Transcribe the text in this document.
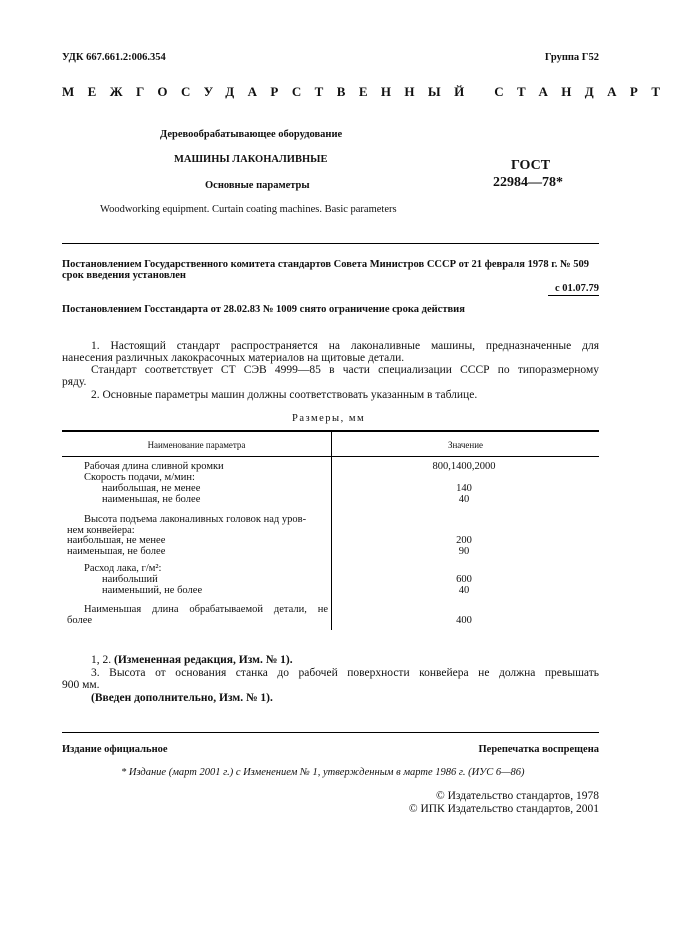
УДК 667.661.2:006.354	Группа Г52
МЕЖГОСУДАРСТВЕННЫЙ СТАНДАРТ
Деревообрабатывающее оборудование
МАШИНЫ ЛАКОНАЛИВНЫЕ
Основные параметры
Woodworking equipment. Curtain coating machines. Basic parameters
ГОСТ
22984—78*
Постановлением Государственного комитета стандартов Совета Министров СССР от 21 февраля 1978 г. № 509
срок введения установлен
с 01.07.79
Постановлением Госстандарта от 28.02.83 № 1009 снято ограничение срока действия
1. Настоящий стандарт распространяется на лаконаливные машины, предназначенные для
нанесения различных лакокрасочных материалов на щитовые детали.
Стандарт соответствует СТ СЭВ 4999—85 в части специализации СССР по типоразмерному
ряду.
2. Основные параметры машин должны соответствовать указанным в таблице.
Размеры, мм
Наименование параметра	Значение
Рабочая длина сливной кромки	800,1400,2000
Скорость подачи, м/мин:
наибольшая, не менее	140
наименьшая, не более	40
Высота подъема лаконаливных головок над уров-
нем конвейера:
наибольшая, не менее	200
наименьшая, не более	90
Расход лака, г/м²:
наибольший	600
наименьший, не более	40
Наименьшая длина обрабатываемой детали, не
более	400
1, 2. (Измененная редакция, Изм. № 1).
3. Высота от основания станка до рабочей поверхности конвейера не должна превышать
900 мм.
(Введен дополнительно, Изм. № 1).
Издание официальное	Перепечатка воспрещена
* Издание (март 2001 г.) с Изменением № 1, утвержденным в марте 1986 г. (ИУС 6—86)
© Издательство стандартов, 1978
© ИПК Издательство стандартов, 2001
